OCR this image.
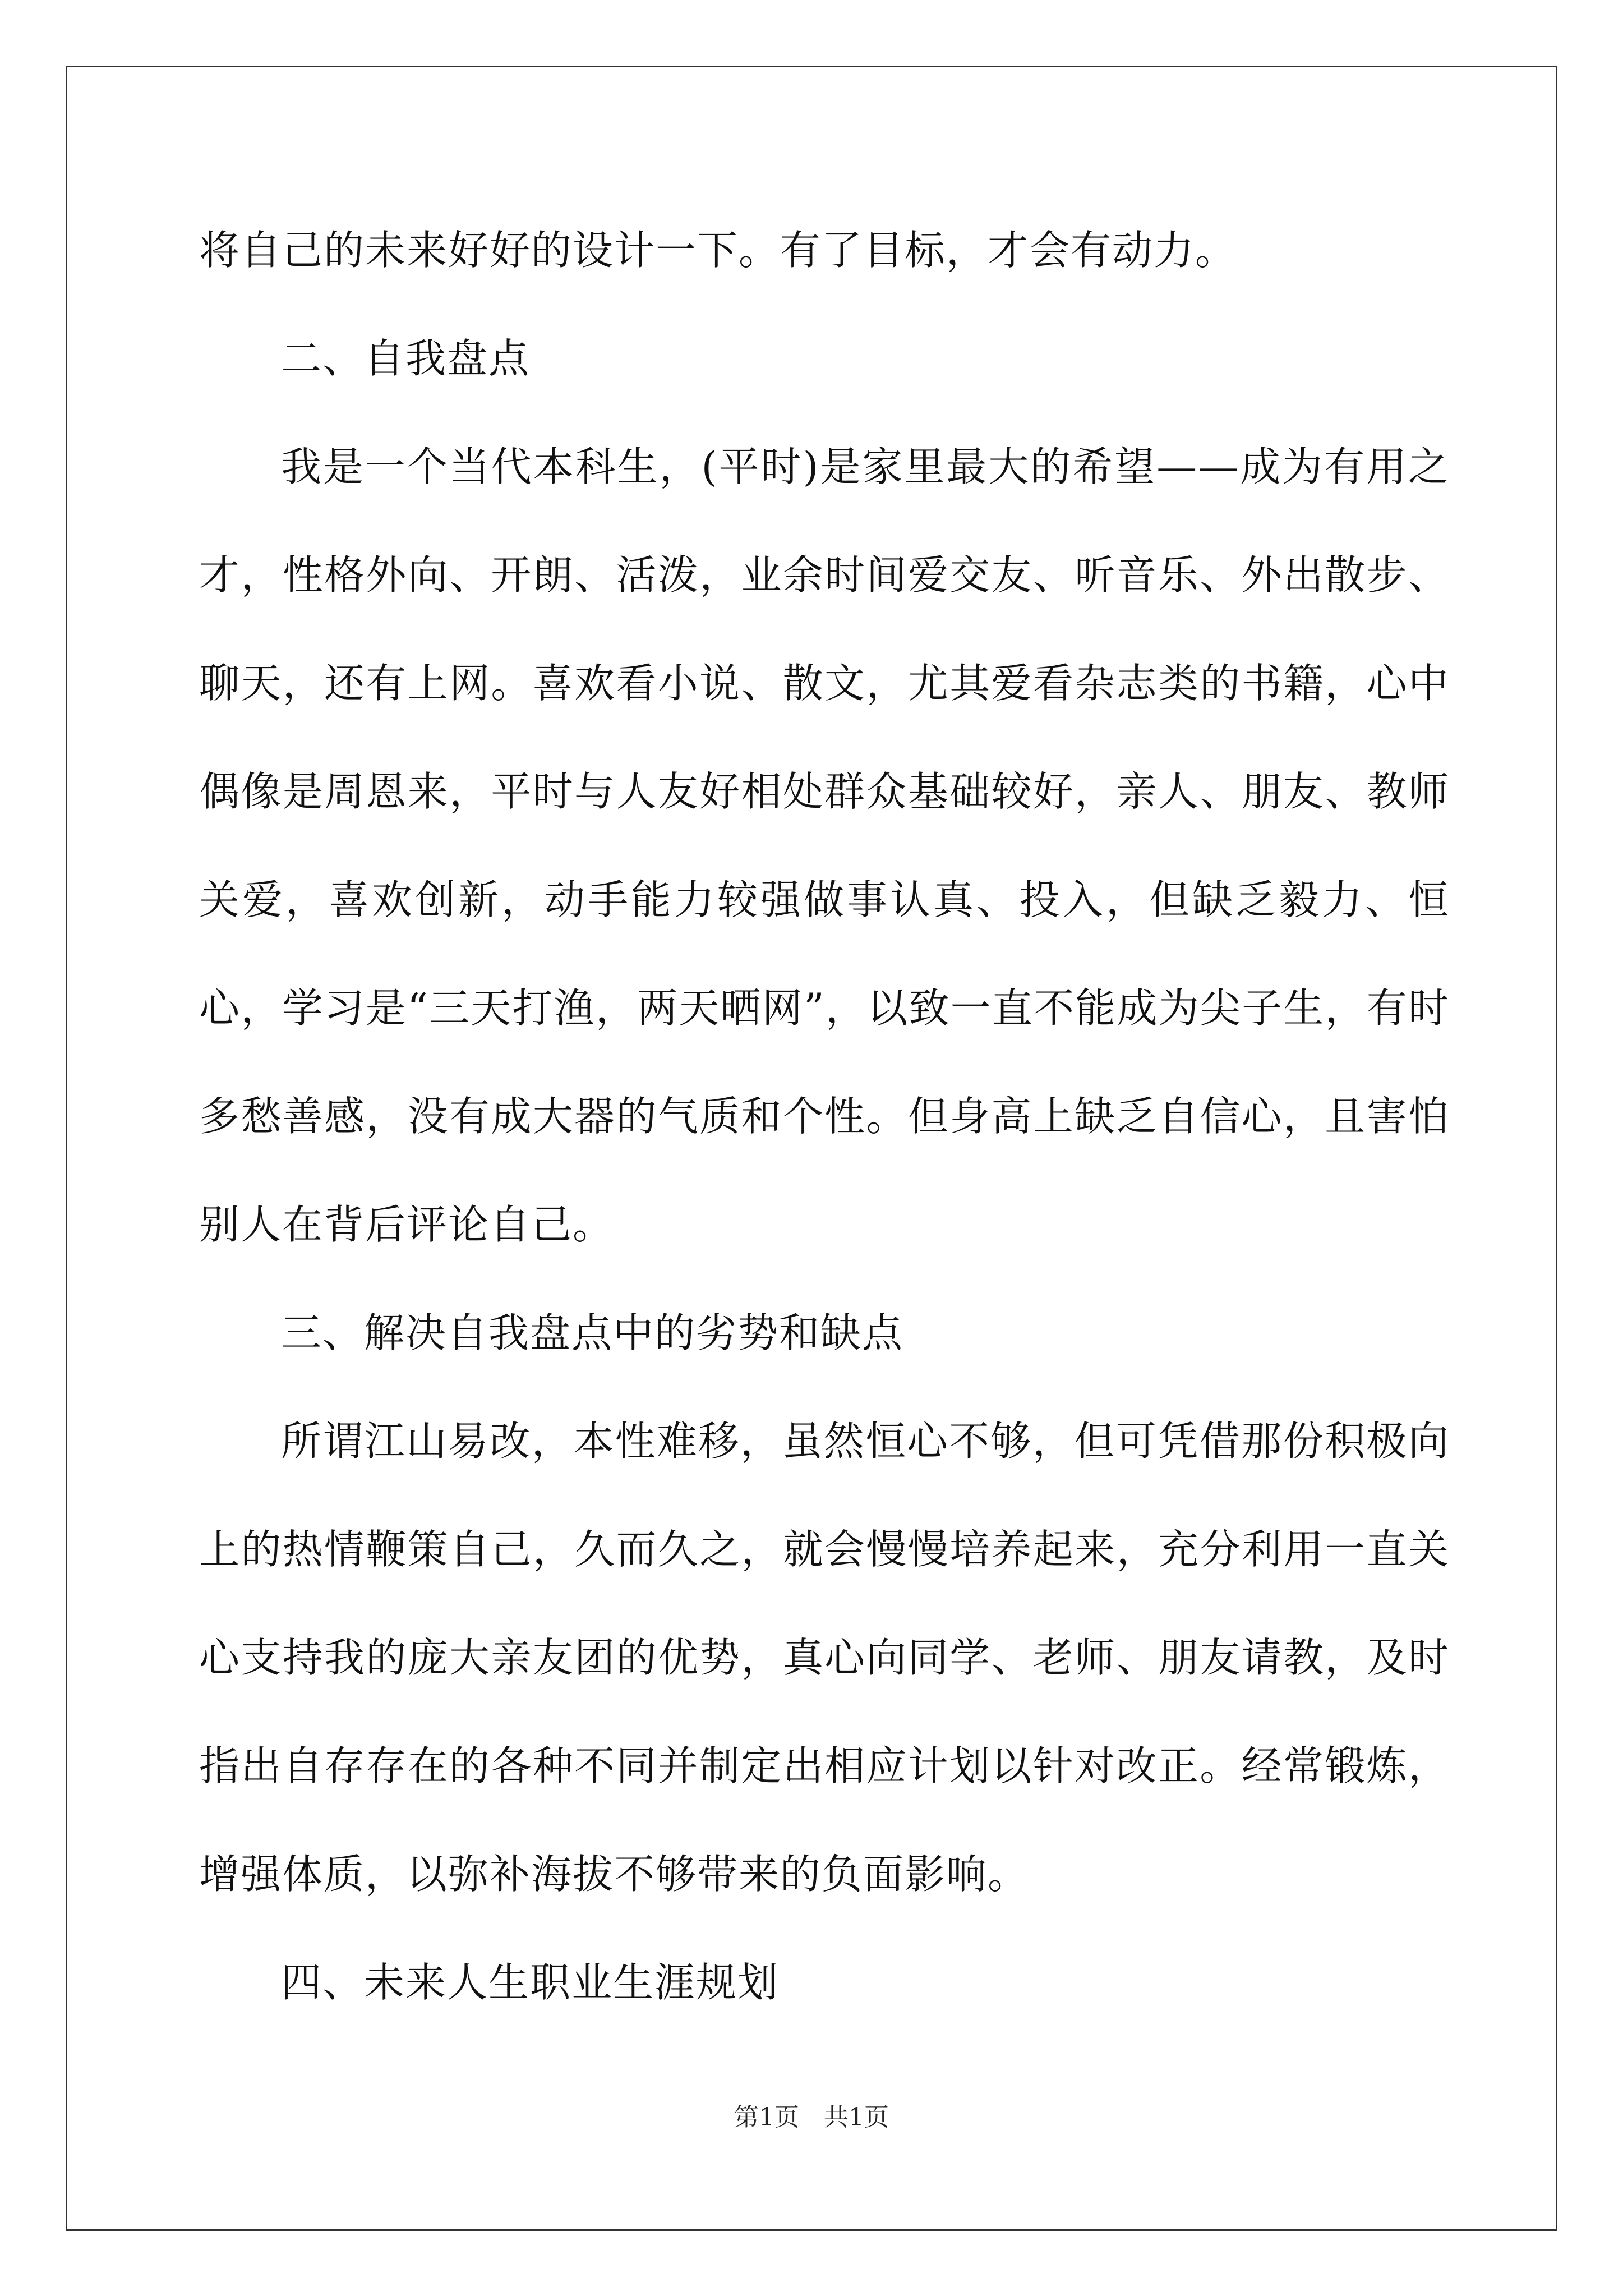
将自己的未来好好的设计一下。有了目标，才会有动力。

二、自我盘点

我是一个当代本科生，(平时)是家里最大的希望——成为有用之才，性格外向、开朗、活泼，业余时间爱交友、听音乐、外出散步、聊天，还有上网。喜欢看小说、散文，尤其爱看杂志类的书籍，心中偶像是周恩来，平时与人友好相处群众基础较好，亲人、朋友、教师关爱，喜欢创新，动手能力较强做事认真、投入，但缺乏毅力、恒心，学习是“三天打渔，两天晒网”，以致一直不能成为尖子生，有时多愁善感，没有成大器的气质和个性。但身高上缺乏自信心，且害怕别人在背后评论自己。

三、解决自我盘点中的劣势和缺点

所谓江山易改，本性难移，虽然恒心不够，但可凭借那份积极向上的热情鞭策自己，久而久之，就会慢慢培养起来，充分利用一直关心支持我的庞大亲友团的优势，真心向同学、老师、朋友请教，及时指出自存存在的各种不同并制定出相应计划以针对改正。经常锻炼，增强体质，以弥补海拔不够带来的负面影响。

四、未来人生职业生涯规划

第1页 共1页
